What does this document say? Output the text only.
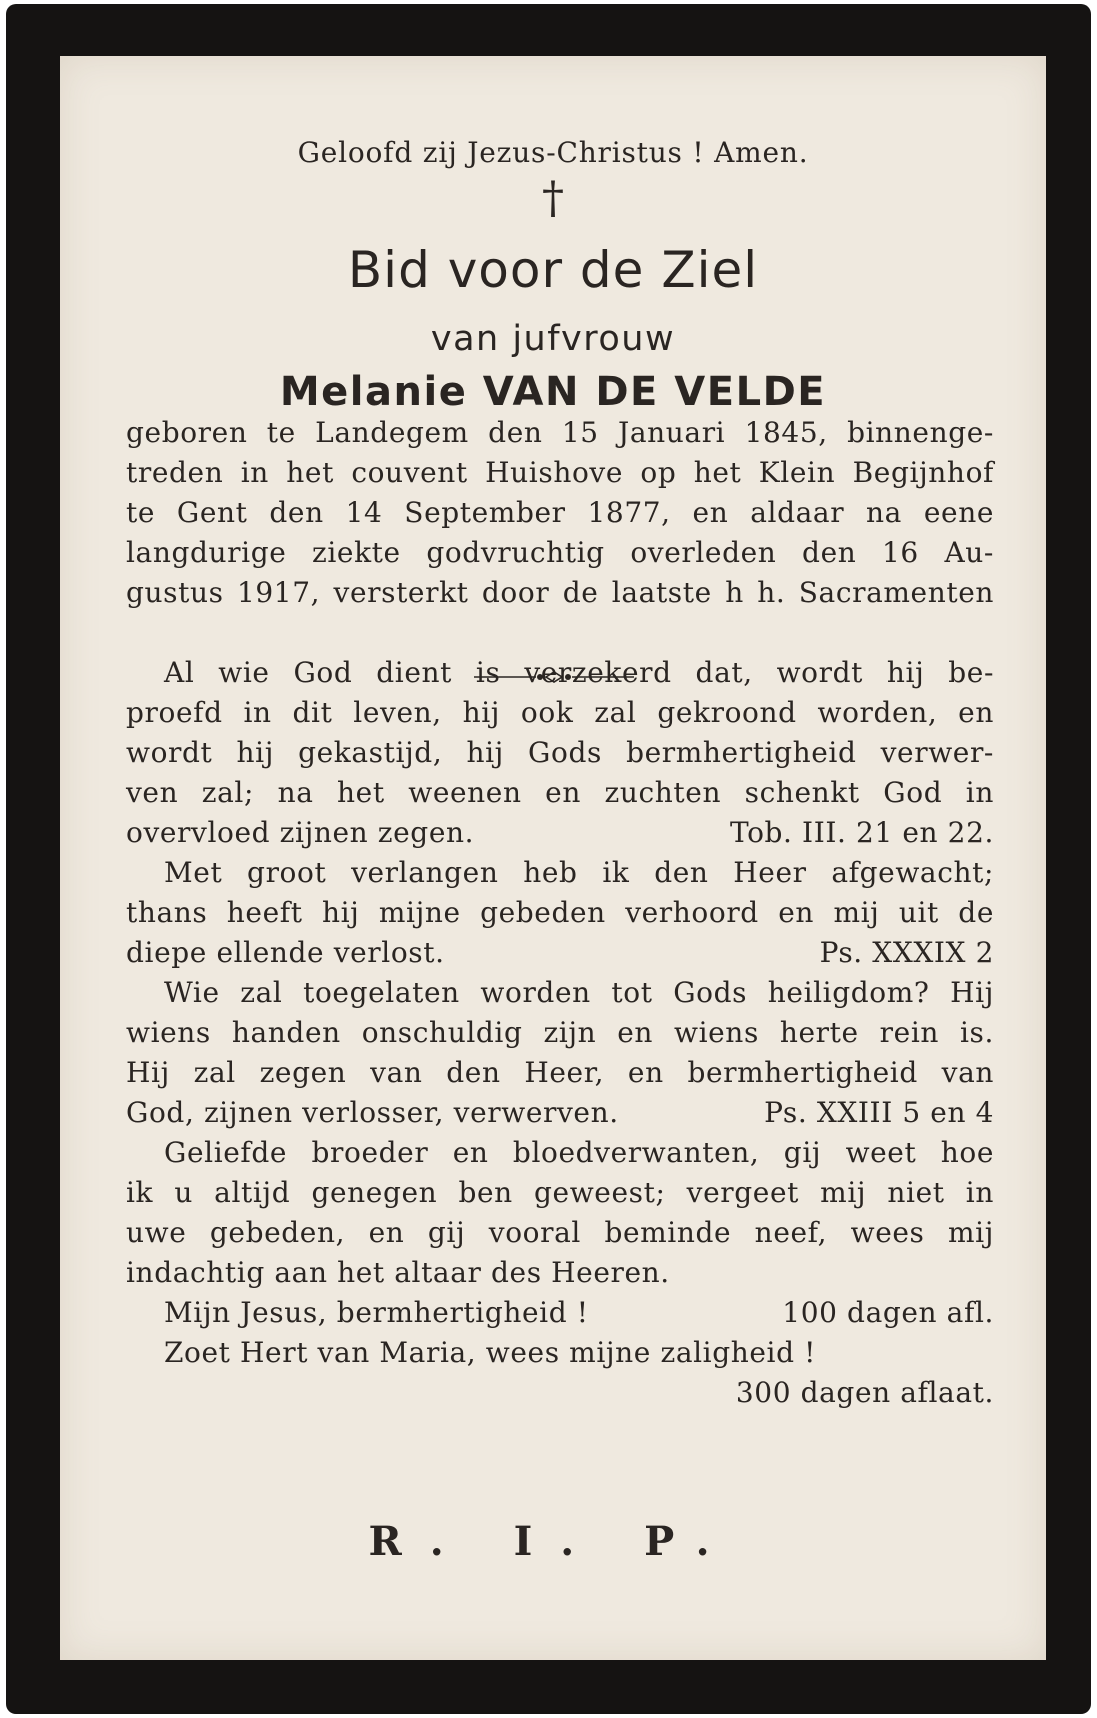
Geloofd zij Jezus-Christus ! Amen.
†
Bid voor de Ziel
van jufvrouw
Melanie VAN DE VELDE
geboren te Landegem den 15 Januari 1845, binnenge-
treden in het couvent Huishove op het Klein Begijnhof
te Gent den 14 September 1877, en aldaar na eene
langdurige ziekte godvruchtig overleden den 16 Au-
gustus 1917, versterkt door de laatste h h. Sacramenten
Al wie God dient is verzekerd dat, wordt hij be-
proefd in dit leven, hij ook zal gekroond worden, en
wordt hij gekastijd, hij Gods bermhertigheid verwer-
ven zal; na het weenen en zuchten schenkt God in
overvloed zijnen zegen.	Tob. III. 21 en 22.
Met groot verlangen heb ik den Heer afgewacht;
thans heeft hij mijne gebeden verhoord en mij uit de
diepe ellende verlost.	Ps. XXXIX 2
Wie zal toegelaten worden tot Gods heiligdom? Hij
wiens handen onschuldig zijn en wiens herte rein is.
Hij zal zegen van den Heer, en bermhertigheid van
God, zijnen verlosser, verwerven.	Ps. XXIII 5 en 4
Geliefde broeder en bloedverwanten, gij weet hoe
ik u altijd genegen ben geweest; vergeet mij niet in
uwe gebeden, en gij vooral beminde neef, wees mij
indachtig aan het altaar des Heeren.
Mijn Jesus, bermhertigheid !	100 dagen afl.
Zoet Hert van Maria, wees mijne zaligheid !
300 dagen aflaat.
R. I. P.
